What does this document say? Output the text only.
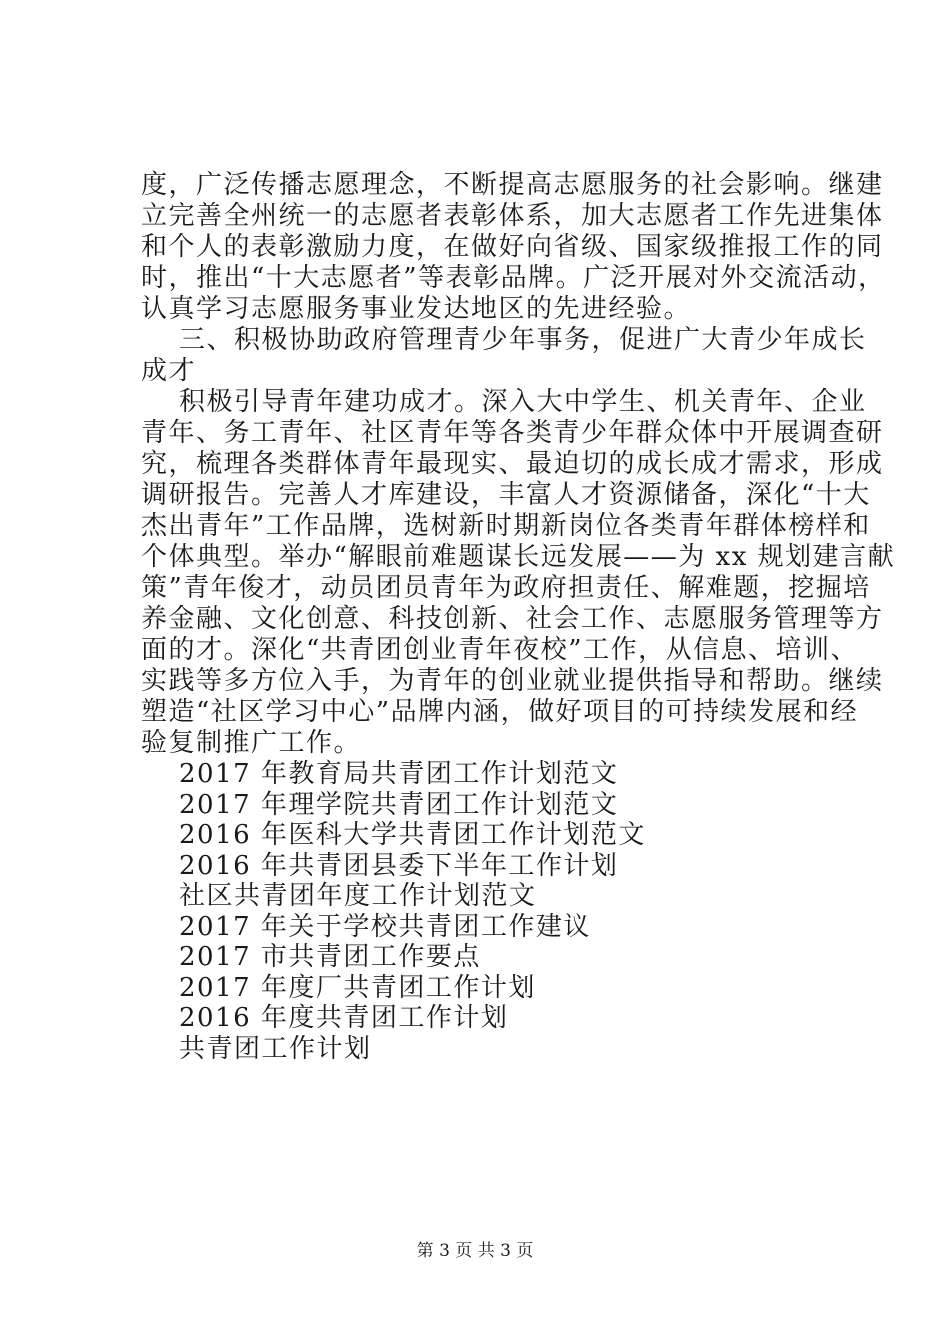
度，广泛传播志愿理念，不断提高志愿服务的社会影响。继建
立完善全州统一的志愿者表彰体系，加大志愿者工作先进集体
和个人的表彰激励力度，在做好向省级、国家级推报工作的同
时，推出“十大志愿者”等表彰品牌。广泛开展对外交流活动，
认真学习志愿服务事业发达地区的先进经验。
三、积极协助政府管理青少年事务，促进广大青少年成长
成才
积极引导青年建功成才。深入大中学生、机关青年、企业
青年、务工青年、社区青年等各类青少年群众体中开展调查研
究，梳理各类群体青年最现实、最迫切的成长成才需求，形成
调研报告。完善人才库建设，丰富人才资源储备，深化“十大
杰出青年”工作品牌，选树新时期新岗位各类青年群体榜样和
个体典型。举办“解眼前难题谋长远发展——为 xx 规划建言献
策”青年俊才，动员团员青年为政府担责任、解难题，挖掘培
养金融、文化创意、科技创新、社会工作、志愿服务管理等方
面的才。深化“共青团创业青年夜校”工作，从信息、培训、
实践等多方位入手，为青年的创业就业提供指导和帮助。继续
塑造“社区学习中心”品牌内涵，做好项目的可持续发展和经
验复制推广工作。
2017 年教育局共青团工作计划范文
2017 年理学院共青团工作计划范文
2016 年医科大学共青团工作计划范文
2016 年共青团县委下半年工作计划
社区共青团年度工作计划范文
2017 年关于学校共青团工作建议
2017 市共青团工作要点
2017 年度厂共青团工作计划
2016 年度共青团工作计划
共青团工作计划
第 3 页 共 3 页
